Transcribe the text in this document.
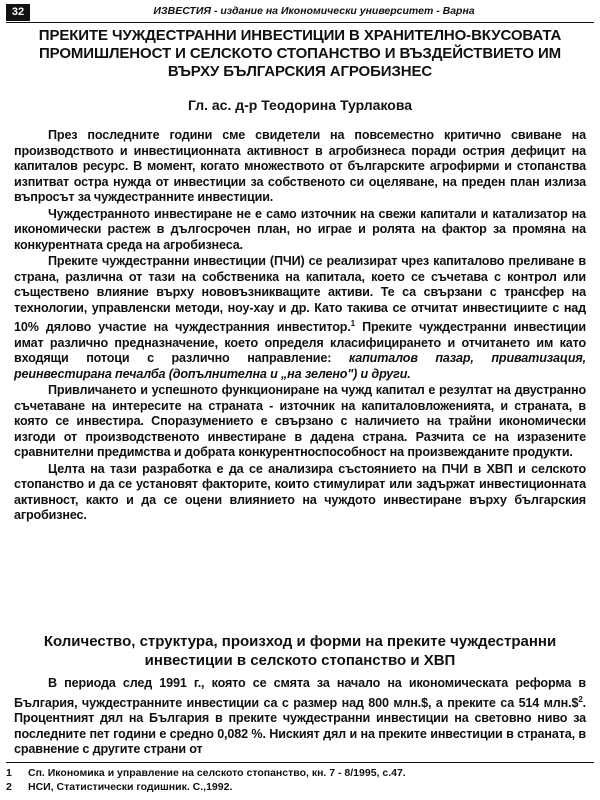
32	ИЗВЕСТИЯ - издание на Икономически университет - Варна
ПРЕКИТЕ ЧУЖДЕСТРАННИ ИНВЕСТИЦИИ В ХРАНИТЕЛНО-ВКУСОВАТА ПРОМИШЛЕНОСТ И СЕЛСКОТО СТОПАНСТВО И ВЪЗДЕЙСТВИЕТО ИМ ВЪРХУ БЪЛГАРСКИЯ АГРОБИЗНЕС
Гл. ас. д-р Теодорина Турлакова

През последните години сме свидетели на повсеместно критично свиване на производството и инвестиционната активност в агробизнеса поради острия дефицит на капиталов ресурс. В момент, когато множеството от българските агрофирми и стопанства изпитват остра нужда от инвестиции за собственото си оцеляване, на преден план излиза въпросът за чуждестранните инвестиции.

Чуждестранното инвестиране не е само източник на свежи капитали и катализатор на икономически растеж в дългосрочен план, но играе и ролята на фактор за промяна на конкурентната среда на агробизнеса.

Преките чуждестранни инвестиции (ПЧИ) се реализират чрез капиталово преливане в страна, различна от тази на собственика на капитала, което се съчетава с контрол или съществено влияние върху нововъзникващите активи. Те са свързани с трансфер на технологии, управленски методи, ноу-хау и др. Като такива се отчитат инвестициите с над 10% дялово участие на чуждестранния инвеститор.$^1$ Преките чуждестранни инвестиции имат различно предназначение, което определя класифицирането и отчитането им като входящи потоци с различно направление: капиталов пазар, приватизация, реинвестирана печалба (допълнителна и „на зелено") и други.

Привличането и успешното функциониране на чужд капитал е резултат на двустранно съчетаване на интересите на страната - източник на капиталовложенията, и страната, в която се инвестира. Споразумението е свързано с наличието на трайни икономически изгоди от производственото инвестиране в дадена страна. Разчита се на изразените сравнителни предимства и добрата конкурентноспособност на произвежданите продукти.

Целта на тази разработка е да се анализира състоянието на ПЧИ в ХВП и селското стопанство и да се установят факторите, които стимулират или задържат инвестиционната активност, както и да се оцени влиянието на чуждото инвестиране върху българския агробизнес.

Количество, структура, произход и форми на преките чуждестранни инвестиции в селското стопанство и ХВП

В периода след 1991 г., която се смята за начало на икономическата реформа в България, чуждестранните инвестиции са с размер над 800 млн.$, а преките са 514 млн.\$$^2$. Процентният дял на България в преките чуждестранни инвестиции на световно ниво за последните пет години е средно 0,082 %. Ниският дял и на преките инвестиции в страната, в сравнение с другите страни от

1	Сп. Икономика и управление на селското стопанство, кн. 7 - 8/1995, с.47.
2	НСИ, Статистически годишник. С.,1992.
